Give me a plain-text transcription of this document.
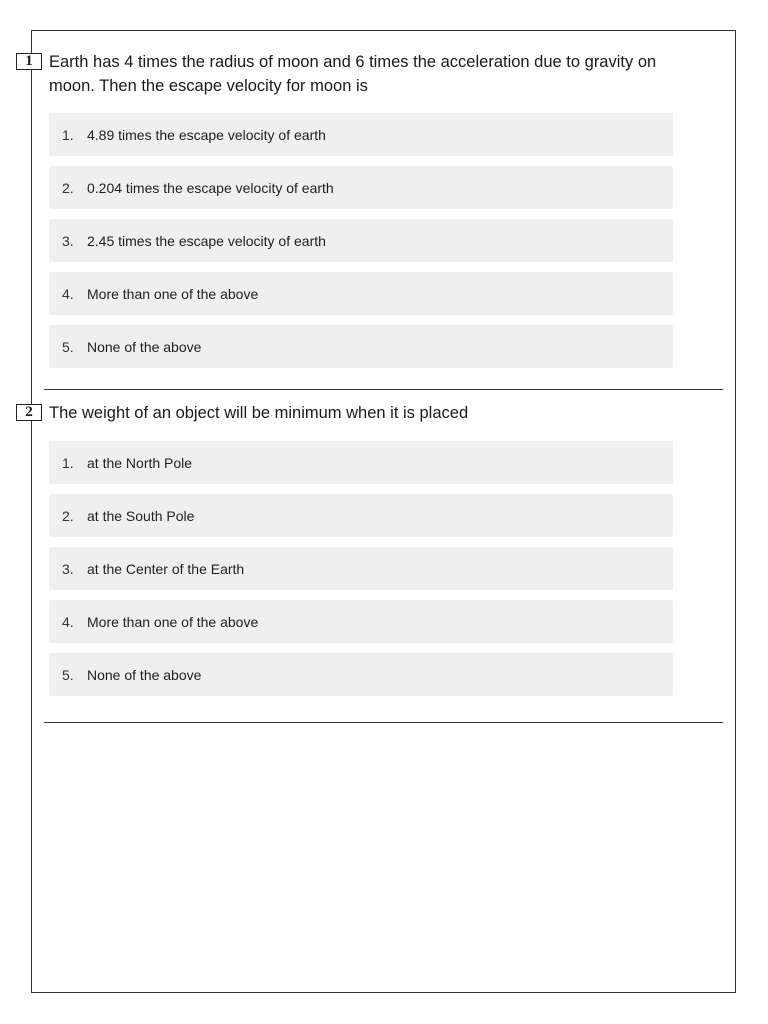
1 Earth has 4 times the radius of moon and 6 times the acceleration due to gravity on moon. Then the escape velocity for moon is
1. 4.89 times the escape velocity of earth
2. 0.204 times the escape velocity of earth
3. 2.45 times the escape velocity of earth
4. More than one of the above
5. None of the above
2 The weight of an object will be minimum when it is placed
1. at the North Pole
2. at the South Pole
3. at the Center of the Earth
4. More than one of the above
5. None of the above
